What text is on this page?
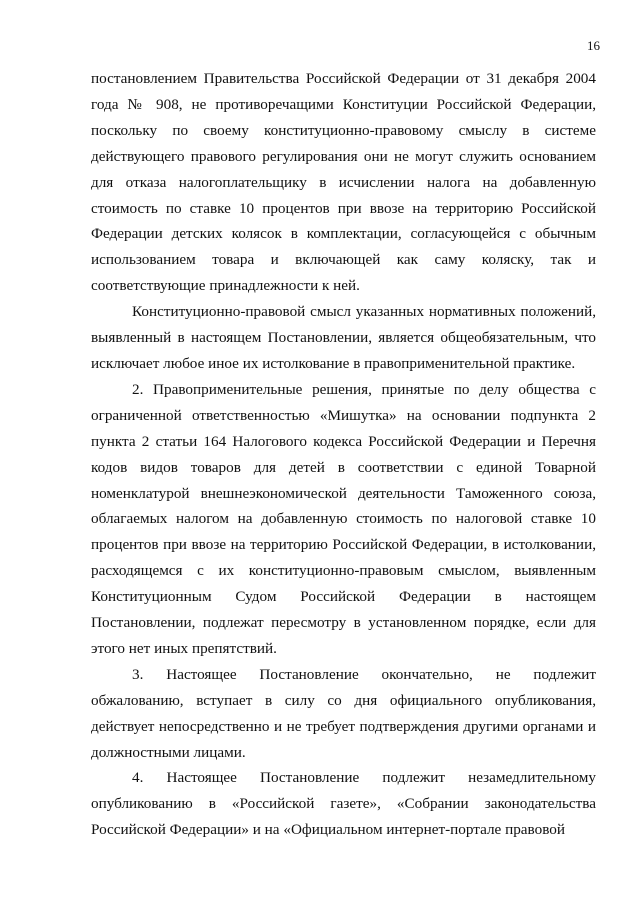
16

постановлением Правительства Российской Федерации от 31 декабря 2004 года № 908, не противоречащими Конституции Российской Федерации, поскольку по своему конституционно-правовому смыслу в системе действующего правового регулирования они не могут служить основанием для отказа налогоплательщику в исчислении налога на добавленную стоимость по ставке 10 процентов при ввозе на территорию Российской Федерации детских колясок в комплектации, согласующейся с обычным использованием товара и включающей как саму коляску, так и соответствующие принадлежности к ней.

Конституционно-правовой смысл указанных нормативных положений, выявленный в настоящем Постановлении, является общеобязательным, что исключает любое иное их истолкование в правоприменительной практике.

2. Правоприменительные решения, принятые по делу общества с ограниченной ответственностью «Мишутка» на основании подпункта 2 пункта 2 статьи 164 Налогового кодекса Российской Федерации и Перечня кодов видов товаров для детей в соответствии с единой Товарной номенклатурой внешнеэкономической деятельности Таможенного союза, облагаемых налогом на добавленную стоимость по налоговой ставке 10 процентов при ввозе на территорию Российской Федерации, в истолковании, расходящемся с их конституционно-правовым смыслом, выявленным Конституционным Судом Российской Федерации в настоящем Постановлении, подлежат пересмотру в установленном порядке, если для этого нет иных препятствий.

3. Настоящее Постановление окончательно, не подлежит обжалованию, вступает в силу со дня официального опубликования, действует непосредственно и не требует подтверждения другими органами и должностными лицами.

4. Настоящее Постановление подлежит незамедлительному опубликованию в «Российской газете», «Собрании законодательства Российской Федерации» и на «Официальном интернет-портале правовой
